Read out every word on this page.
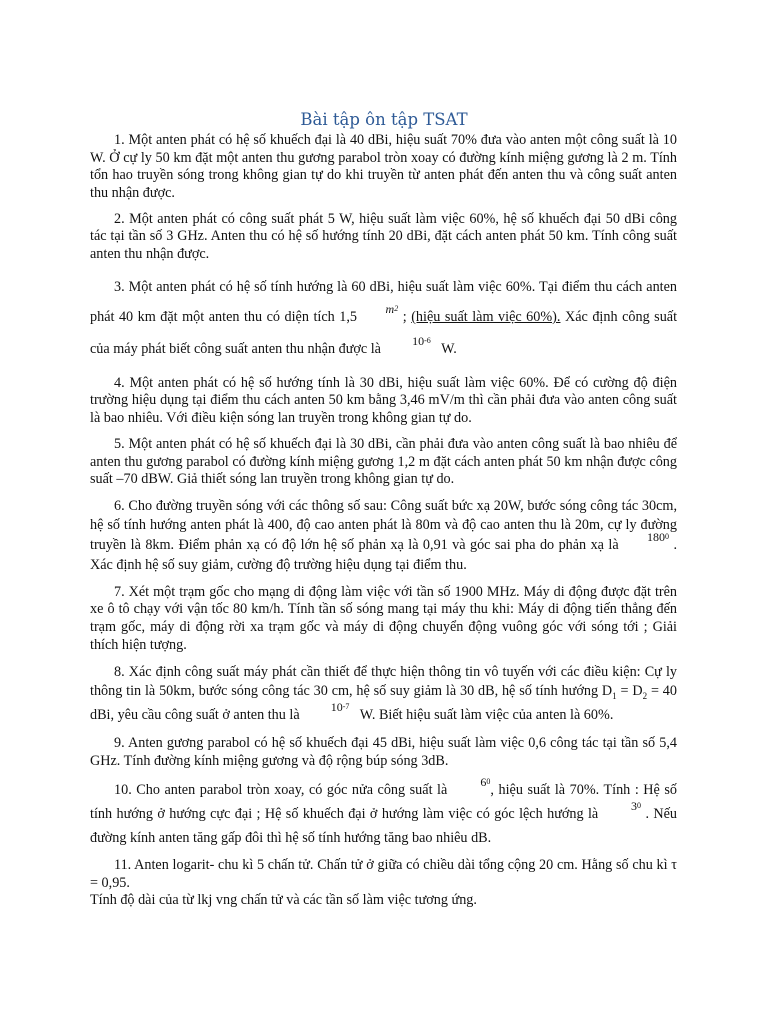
Bài tập ôn tập TSAT

1. Một anten phát có hệ số khuếch đại là 40 dBi, hiệu suất 70% đưa vào anten một công suất là 10 W. Ở cự ly 50 km đặt một anten thu gương parabol tròn xoay có đường kính miệng gương là 2 m. Tính tổn hao truyền sóng trong không gian tự do khi truyền từ anten phát đến anten thu và công suất anten thu nhận được.

2. Một anten phát có công suất phát 5 W, hiệu suất làm việc 60%, hệ số khuếch đại 50 dBi công tác tại tần số 3 GHz. Anten thu có hệ số hướng tính 20 dBi, đặt cách anten phát 50 km. Tính công suất anten thu nhận được.

3. Một anten phát có hệ số tính hướng là 60 dBi, hiệu suất làm việc 60%. Tại điểm thu cách anten phát 40 km đặt một anten thu có diện tích 1,5 $m^2$ ; (hiệu suất làm việc 60%). Xác định công suất của máy phát biết công suất anten thu nhận được là	$10^{-6}$   W.

4. Một anten phát có hệ số hướng tính là 30 dBi, hiệu suất làm việc 60%. Để có cường độ điện trường hiệu dụng tại điểm thu cách anten 50 km bằng 3,46 mV/m thì cần phải đưa vào anten công suất là bao nhiêu. Với điều kiện sóng lan truyền trong không gian tự do.

5. Một anten phát có hệ số khuếch đại là 30 dBi, cần phải đưa vào anten công suất là bao nhiêu để anten thu gương parabol có đường kính miệng gương 1,2 m đặt cách anten phát 50 km nhận được công suất –70 dBW. Giả thiết sóng lan truyền trong không gian tự do.

6. Cho đường truyền sóng với các thông số sau: Công suất bức xạ 20W, bước sóng công tác 30cm, hệ số tính hướng anten phát là 400, độ cao anten phát là 80m và độ cao anten thu là 20m, cự ly đường truyền là 8km. Điểm phản xạ có độ lớn hệ số phản xạ là 0,91 và góc sai pha do phản xạ là $180^0$ . Xác định hệ số suy giảm, cường độ trường hiệu dụng tại điểm thu.

7. Xét một trạm gốc cho mạng di động làm việc với tần số 1900 MHz. Máy di động được đặt trên xe ô tô chạy với vận tốc 80 km/h. Tính tần số sóng mang tại máy thu khi: Máy di động tiến thẳng đến trạm gốc, máy di động rời xa trạm gốc và máy di động chuyển động vuông góc với sóng tới ; Giải thích hiện tượng.

8. Xác định công suất máy phát cần thiết để thực hiện thông tin vô tuyến với các điều kiện: Cự ly thông tin là 50km, bước sóng công tác 30 cm, hệ số suy giảm là 30 dB, hệ số tính hướng $D_1 = D_2 = 40$ dBi, yêu cầu công suất ở anten thu là	$10^{-7}$   W. Biết hiệu suất làm việc của anten là 60%.

9. Anten gương parabol có hệ số khuếch đại 45 dBi, hiệu suất làm việc 0,6 công tác tại tần số 5,4 GHz. Tính đường kính miệng gương và độ rộng búp sóng 3dB.

10. Cho anten parabol tròn xoay, có góc nửa công suất là	$6^0$, hiệu suất là 70%. Tính : Hệ số tính hướng ở hướng cực đại ; Hệ số khuếch đại ở hướng làm việc có góc lệch hướng là	$3^0$ . Nếu đường kính anten tăng gấp đôi thì hệ số tính hướng tăng bao nhiêu dB.

11. Anten logarit- chu kì 5 chấn tử. Chấn tử ở giữa có chiều dài tổng cộng 20 cm. Hằng số chu kì τ = 0,95.

Tính độ dài của từ lkj vng chấn tử và các tần số làm việc tương ứng.
